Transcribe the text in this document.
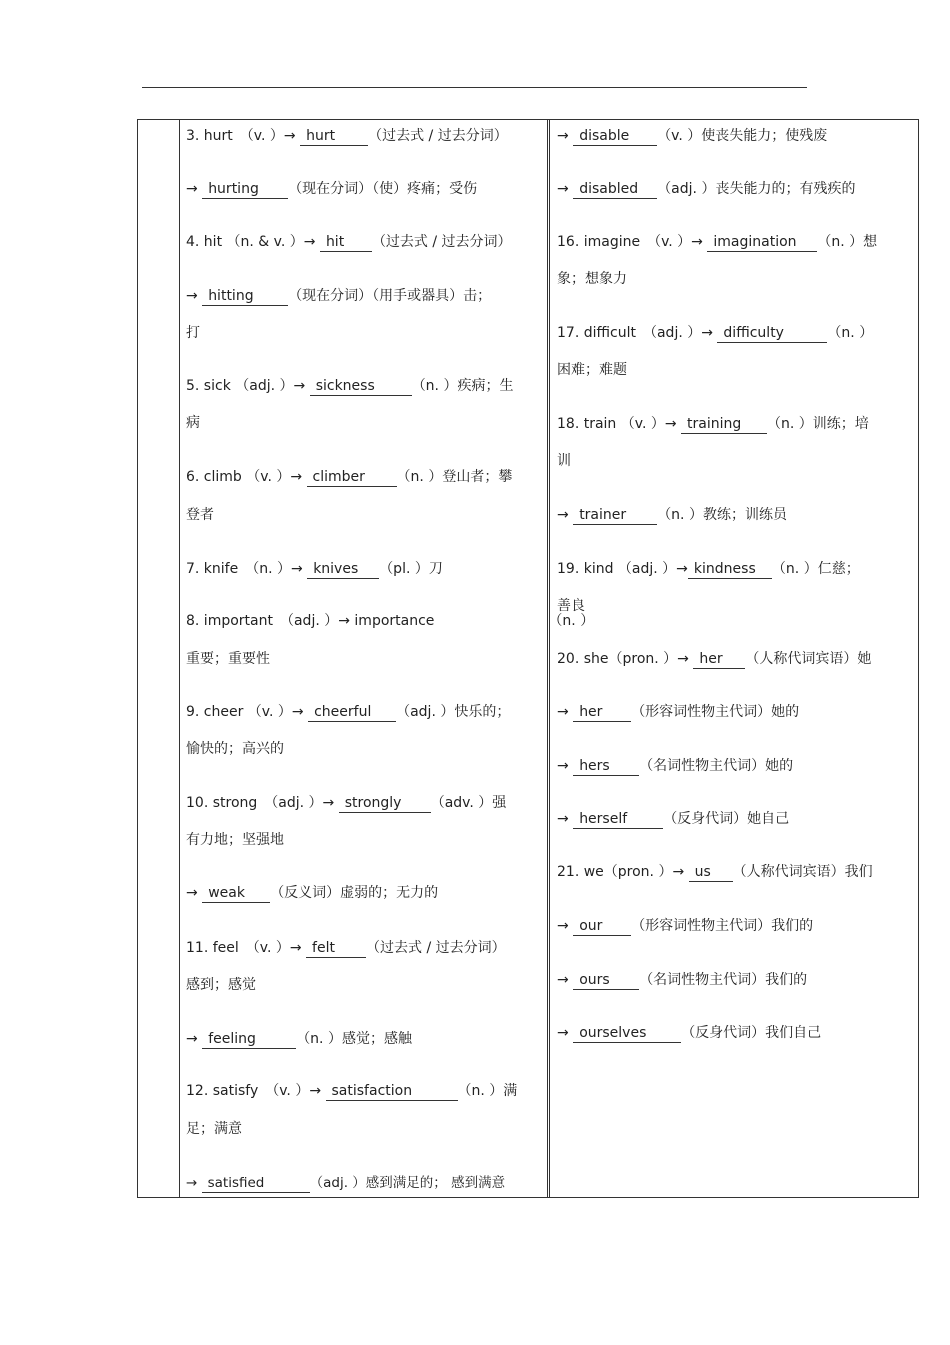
3. hurt　（v. ）→ hurt （过去式 / 过去分词）
→ hurting （现在分词）（使）疼痛；受伤
4. hit （n. & v. ）→ hit （过去式 / 过去分词）
→ hitting （现在分词）（用手或器具）击；
打
5. sick （adj. ）→ sickness	（n. ）疾病；生
病
6. climb （v. ）→ climber （n. ）登山者；攀
登者
7. knife　（n. ）→ knives （pl. ）刀
8. important　（adj. ）→ importance	（n. ）
重要；重要性
9. cheer （v. ）→ cheerful （adj. ）快乐的；
愉快的；高兴的
10. strong　（adj. ）→ strongly （adv. ）强
有力地；坚强地
→ weak （反义词）虚弱的；无力的
11. feel　（v. ）→ felt （过去式 / 过去分词）
感到；感觉
→ feeling	（n. ）感觉；感触
12. satisfy　（v. ）→ satisfaction	（n. ）满
足；满意
→ satisfied	（adj. ）感到满足的； 感到满意
→ disable （v. ）使丧失能力；使残废
→ disabled （adj. ）丧失能力的；有残疾的
16. imagine　（v. ）→ imagination （n. ）想
象；想象力
17. difficult　（adj. ）→ difficulty	（n. ）
困难；难题
18. train （v. ）→ training （n. ）训练；培
训
→ trainer （n. ）教练；训练员
19. kind （adj. ）→ kindness （n. ）仁慈；
善良
20. she（pron. ）→ her （人称代词宾语）她
→ her （形容词性物主代词）她的
→ hers （名词性物主代词）她的
→ herself	（反身代词）她自己
21. we（pron. ）→ us （人称代词宾语）我们
→ our （形容词性物主代词）我们的
→ ours （名词性物主代词）我们的
→ ourselves （反身代词）我们自己
